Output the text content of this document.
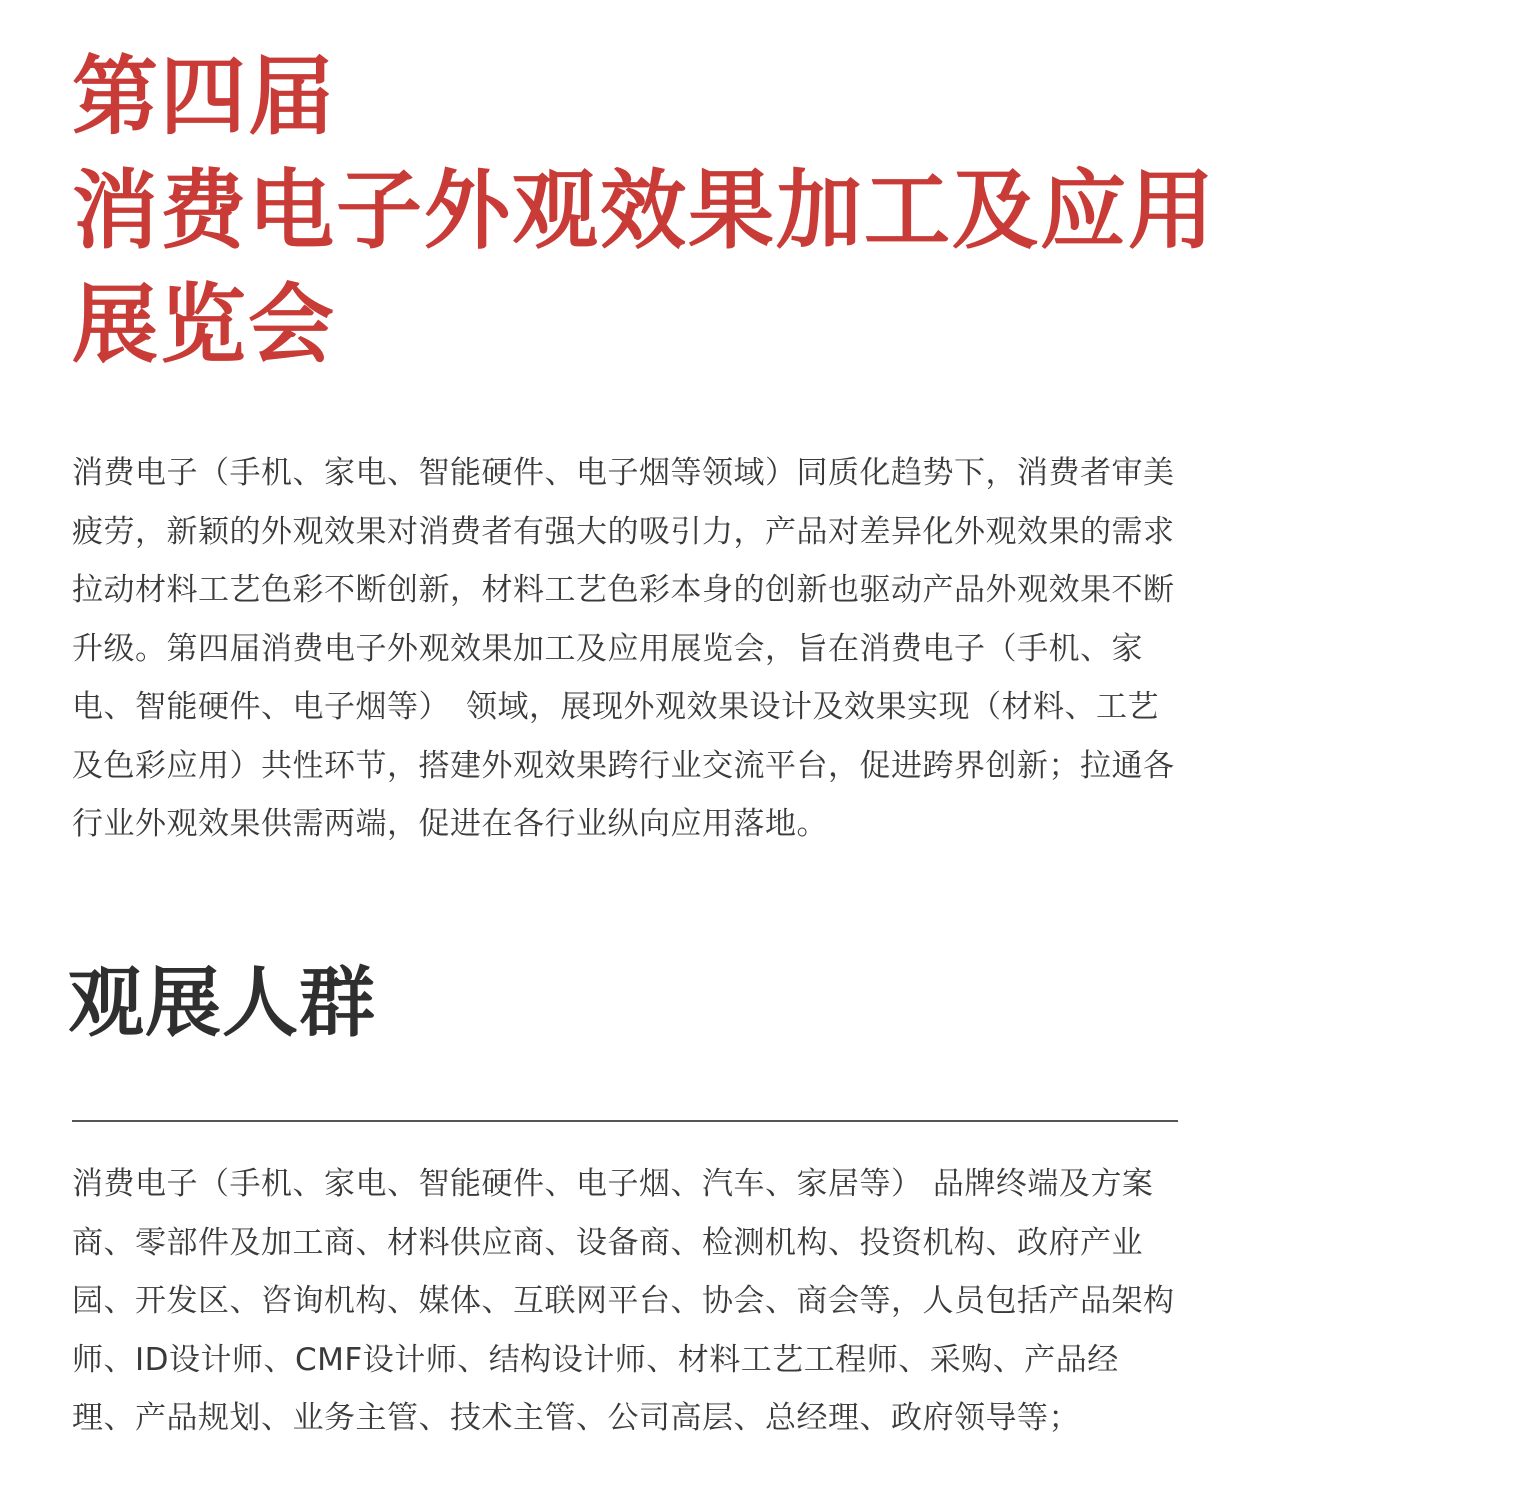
第四届
消费电子外观效果加工及应用
展览会

消费电子（手机、家电、智能硬件、电子烟等领域）同质化趋势下，消费者审美疲劳，新颖的外观效果对消费者有强大的吸引力，产品对差异化外观效果的需求拉动材料工艺色彩不断创新，材料工艺色彩本身的创新也驱动产品外观效果不断升级。第四届消费电子外观效果加工及应用展览会，旨在消费电子（手机、家电、智能硬件、电子烟等）　领域，展现外观效果设计及效果实现（材料、工艺及色彩应用）共性环节，搭建外观效果跨行业交流平台，促进跨界创新；拉通各行业外观效果供需两端，促进在各行业纵向应用落地。

观展人群

消费电子（手机、家电、智能硬件、电子烟、汽车、家居等） 品牌终端及方案商、零部件及加工商、材料供应商、设备商、检测机构、投资机构、政府产业园、开发区、咨询机构、媒体、互联网平台、协会、商会等，人员包括产品架构师、ID设计师、CMF设计师、结构设计师、材料工艺工程师、采购、产品经理、产品规划、业务主管、技术主管、公司高层、总经理、政府领导等；
